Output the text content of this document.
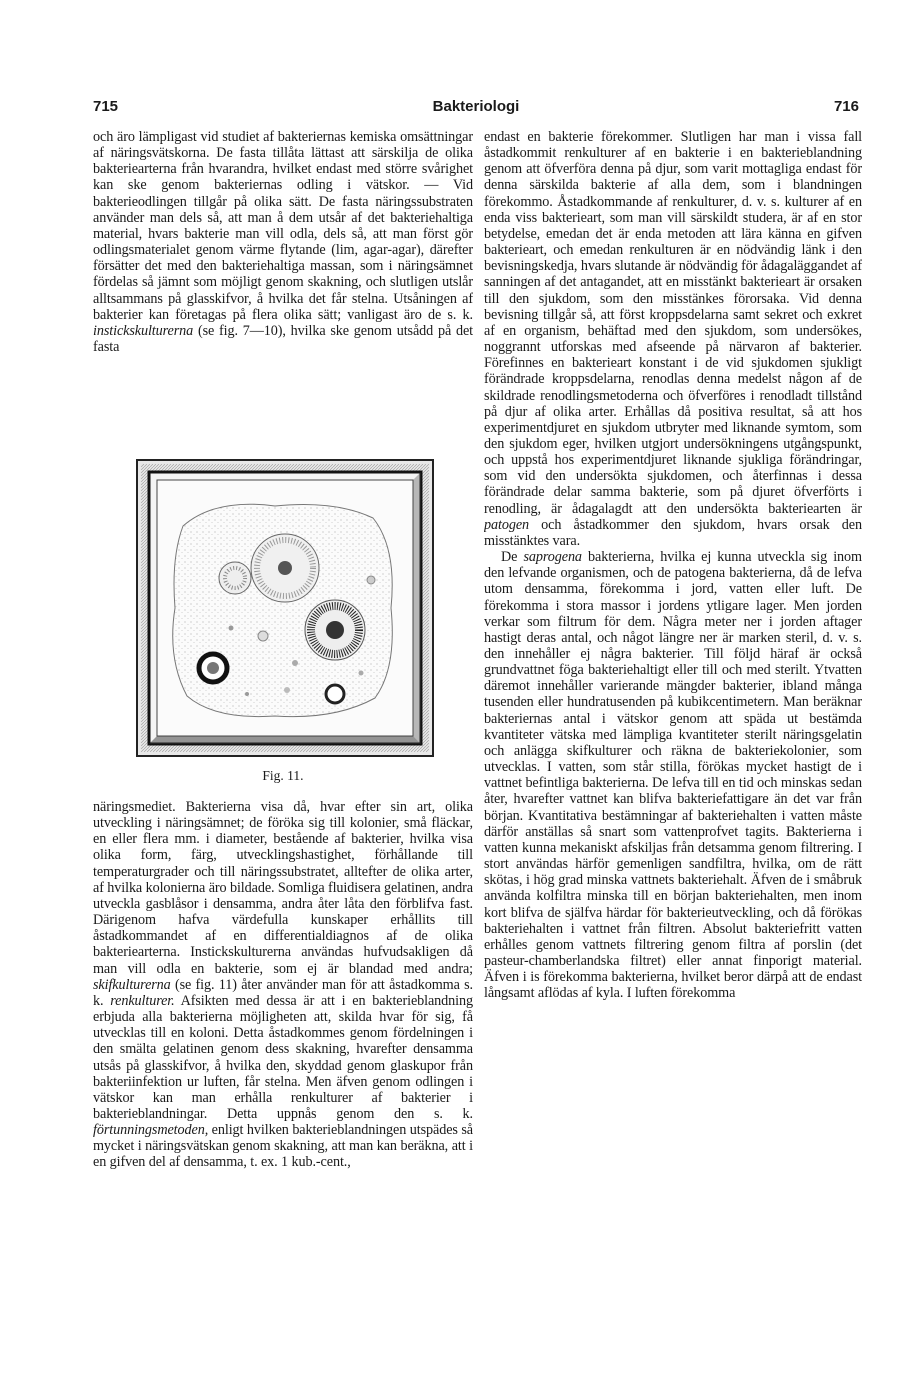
715	Bakteriologi	716

och äro lämpligast vid studiet af bakteriernas kemiska omsättningar af näringsvätskorna. De fasta tillåta lättast att särskilja de olika bakteriearterna från hvarandra, hvilket endast med större svårighet kan ske genom bakteriernas odling i vätskor. — Vid bakterieodlingen tillgår på olika sätt. De fasta näringssubstraten använder man dels så, att man å dem utsår af det bakteriehaltiga material, hvars bakterie man vill odla, dels så, att man först gör odlingsmaterialet genom värme flytande (lim, agar-agar), därefter försätter det med den bakteriehaltiga massan, som i näringsämnet fördelas så jämnt som möjligt genom skakning, och slutligen utslår alltsammans på glasskifvor, å hvilka det får stelna. Utsåningen af bakterier kan företagas på flera olika sätt; vanligast äro de s. k. instickskulturerna (se fig. 7—10), hvilka ske genom utsådd på det fasta

Fig. 11.

näringsmediet. Bakterierna visa då, hvar efter sin art, olika utveckling i näringsämnet; de föröka sig till kolonier, små fläckar, en eller flera mm. i diameter, bestående af bakterier, hvilka visa olika form, färg, utvecklingshastighet, förhållande till temperaturgrader och till näringssubstratet, alltefter de olika arter, af hvilka kolonierna äro bildade. Somliga fluidisera gelatinen, andra utveckla gasblåsor i densamma, andra åter låta den förblifva fast. Därigenom hafva värdefulla kunskaper erhållits till åstadkommandet af en differentialdiagnos af de olika bakteriearterna. Instickskulturerna användas hufvudsakligen då man vill odla en bakterie, som ej är blandad med andra; skifkulturerna (se fig. 11) åter använder man för att åstadkomma s. k. renkulturer. Afsikten med dessa är att i en bakterieblandning erbjuda alla bakterierna möjligheten att, skilda hvar för sig, få utvecklas till en koloni. Detta åstadkommes genom fördelningen i den smälta gelatinen genom dess skakning, hvarefter densamma utsås på glasskifvor, å hvilka den, skyddad genom glaskupor från bakteriinfektion ur luften, får stelna. Men äfven genom odlingen i vätskor kan man erhålla renkulturer af bakterier i bakterieblandningar. Detta uppnås genom den s. k. förtunningsmetoden, enligt hvilken bakterieblandningen utspädes så mycket i näringsvätskan genom skakning, att man kan beräkna, att i en gifven del af densamma, t. ex. 1 kub.-cent.,

endast en bakterie förekommer. Slutligen har man i vissa fall åstadkommit renkulturer af en bakterie i en bakterieblandning genom att öfverföra denna på djur, som varit mottagliga endast för denna särskilda bakterie af alla dem, som i blandningen förekommo. Åstadkommande af renkulturer, d. v. s. kulturer af en enda viss bakterieart, som man vill särskildt studera, är af en stor betydelse, emedan det är enda metoden att lära känna en gifven bakterieart, och emedan renkulturen är en nödvändig länk i den bevisningskedja, hvars slutande är nödvändig för ådagaläggandet af sanningen af det antagandet, att en misstänkt bakterieart är orsaken till den sjukdom, som den misstänkes förorsaka. Vid denna bevisning tillgår så, att först kroppsdelarna samt sekret och exkret af en organism, behäftad med den sjukdom, som undersökes, noggrannt utforskas med afseende på närvaron af bakterier. Förefinnes en bakterieart konstant i de vid sjukdomen sjukligt förändrade kroppsdelarna, renodlas denna medelst någon af de skildrade renodlingsmetoderna och öfverföres i renodladt tillstånd på djur af olika arter. Erhållas då positiva resultat, så att hos experimentdjuret en sjukdom utbryter med liknande symtom, som den sjukdom eger, hvilken utgjort undersökningens utgångspunkt, och uppstå hos experimentdjuret liknande sjukliga förändringar, som vid den undersökta sjukdomen, och återfinnas i dessa förändrade delar samma bakterie, som på djuret öfverförts i renodling, är ådagalagdt att den undersökta bakteriearten är patogen och åstadkommer den sjukdom, hvars orsak den misstänktes vara.

De saprogena bakterierna, hvilka ej kunna utveckla sig inom den lefvande organismen, och de patogena bakterierna, då de lefva utom densamma, förekomma i jord, vatten eller luft. De förekomma i stora massor i jordens ytligare lager. Men jorden verkar som filtrum för dem. Några meter ner i jorden aftager hastigt deras antal, och något längre ner är marken steril, d. v. s. den innehåller ej några bakterier. Till följd häraf är också grundvattnet föga bakteriehaltigt eller till och med sterilt. Ytvatten däremot innehåller varierande mängder bakterier, ibland många tusenden eller hundratusenden på kubikcentimetern. Man beräknar bakteriernas antal i vätskor genom att späda ut bestämda kvantiteter vätska med lämpliga kvantiteter sterilt näringsgelatin och anlägga skifkulturer och räkna de bakteriekolonier, som utvecklas. I vatten, som står stilla, förökas mycket hastigt de i vattnet befintliga bakterierna. De lefva till en tid och minskas sedan åter, hvarefter vattnet kan blifva bakteriefattigare än det var från början. Kvantitativa bestämningar af bakteriehalten i vatten måste därför anställas så snart som vattenprofvet tagits. Bakterierna i vatten kunna mekaniskt afskiljas från detsamma genom filtrering. I stort användas härför gemenligen sandfiltra, hvilka, om de rätt skötas, i hög grad minska vattnets bakteriehalt. Äfven de i småbruk använda kolfiltra minska till en början bakteriehalten, men inom kort blifva de själfva härdar för bakterieutveckling, och då förökas bakteriehalten i vattnet från filtren. Absolut bakteriefritt vatten erhålles genom vattnets filtrering genom filtra af porslin (det pasteur-chamberlandska filtret) eller annat finporigt material. Äfven i is förekomma bakterierna, hvilket beror därpå att de endast långsamt aflödas af kyla. I luften förekomma
